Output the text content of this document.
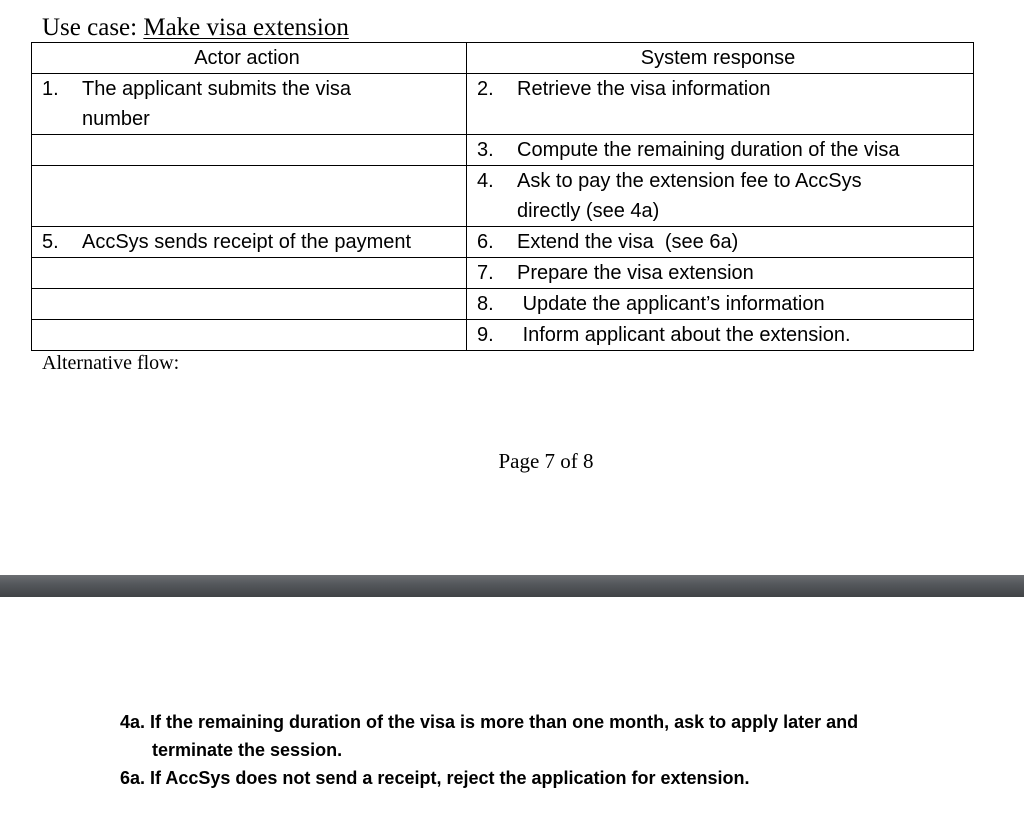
Use case: Make visa extension
Actor action	System response

1. The applicant submits the visa
number	2. Retrieve the visa information

	3. Compute the remaining duration of the visa

	4. Ask to pay the extension fee to AccSys
directly (see 4a)

5. AccSys sends receipt of the payment	6. Extend the visa  (see 6a)

	7. Prepare the visa extension

	8. Update the applicant’s information

	9. Inform applicant about the extension.
Alternative flow:
Page 7 of 8
4a. If the remaining duration of the visa is more than one month, ask to apply later and
terminate the session.
6a. If AccSys does not send a receipt, reject the application for extension.
